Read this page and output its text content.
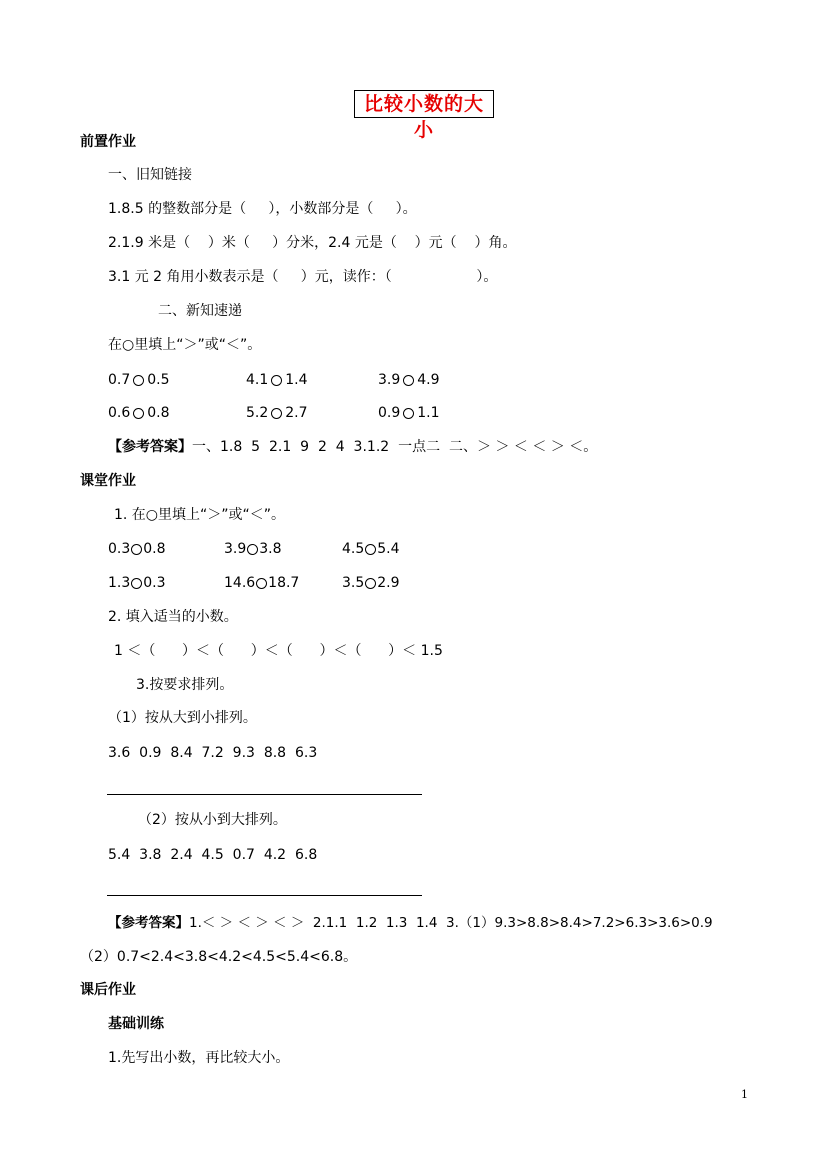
比较小数的大小
前置作业
一、旧知链接
1.8.5 的整数部分是（     ），小数部分是（     ）。
2.1.9 米是（    ）米（     ）分米，2.4 元是（    ）元（    ）角。
3.1 元 2 角用小数表示是（     ）元，读作：（                   ）。
二、新知速递
在○里填上“＞”或“＜”。
0.7 0.5	4.1 1.4	3.9 4.9
0.6 0.8	5.2 2.7	0.9 1.1
【参考答案】一、1.8  5  2.1  9  2  4  3.1.2  一点二  二、＞ ＞ ＜ ＜ ＞ ＜。
课堂作业
1. 在○里填上“＞”或“＜”。
0.3 0.8	3.9 3.8	4.5 5.4
1.3 0.3	14.6 18.7	3.5 2.9
2. 填入适当的小数。
1 ＜（      ）＜（      ）＜（      ）＜（      ）＜ 1.5
3.按要求排列。
（1）按从大到小排列。
3.6  0.9  8.4  7.2  9.3  8.8  6.3
（2）按从小到大排列。
5.4  3.8  2.4  4.5  0.7  4.2  6.8
【参考答案】1.＜ ＞ ＜ ＞ ＜ ＞  2.1.1  1.2  1.3  1.4  3.（1）9.3>8.8>8.4>7.2>6.3>3.6>0.9
（2）0.7<2.4<3.8<4.2<4.5<5.4<6.8。
课后作业
基础训练
1.先写出小数，再比较大小。
1
